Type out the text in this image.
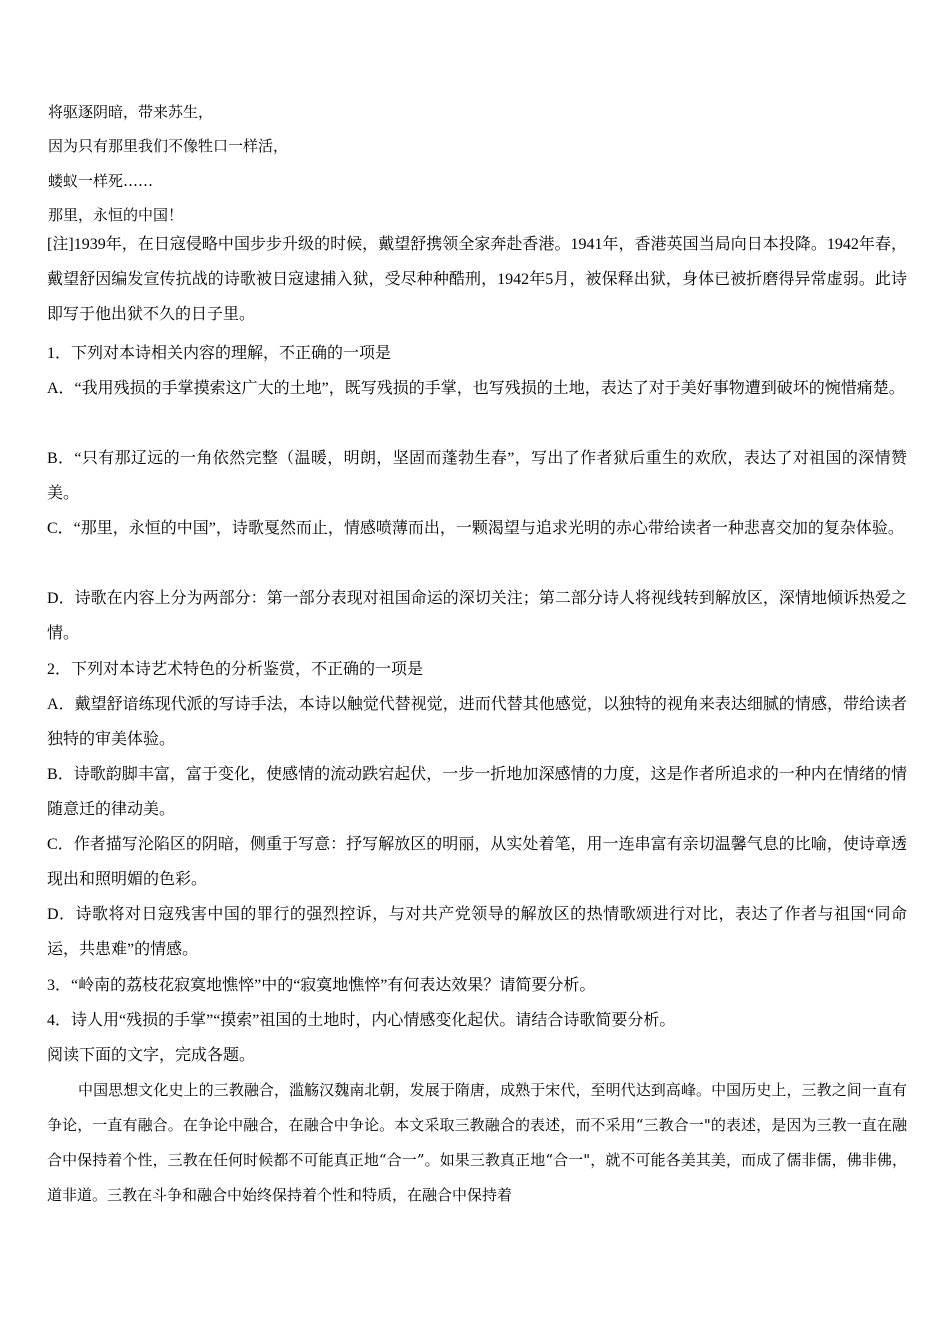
将驱逐阴暗，带来苏生，
因为只有那里我们不像牲口一样活，
蝼蚁一样死……
那里，永恒的中国！
[注]1939年，在日寇侵略中国步步升级的时候，戴望舒携领全家奔赴香港。1941年，香港英国当局向日本投降。1942年春，戴望舒因编发宣传抗战的诗歌被日寇逮捕入狱，受尽种种酷刑，1942年5月，被保释出狱，身体已被折磨得异常虚弱。此诗即写于他出狱不久的日子里。
1．下列对本诗相关内容的理解，不正确的一项是
A．“我用残损的手掌摸索这广大的土地”，既写残损的手掌，也写残损的土地，表达了对于美好事物遭到破坏的惋惜痛楚。
B．“只有那辽远的一角依然完整（温暖，明朗，坚固而蓬勃生春”，写出了作者狱后重生的欢欣，表达了对祖国的深情赞美。
C．“那里，永恒的中国”，诗歌戛然而止，情感喷薄而出，一颗渴望与追求光明的赤心带给读者一种悲喜交加的复杂体验。
D．诗歌在内容上分为两部分：第一部分表现对祖国命运的深切关注；第二部分诗人将视线转到解放区，深情地倾诉热爱之情。
2．下列对本诗艺术特色的分析鉴赏，不正确的一项是
A．戴望舒谙练现代派的写诗手法，本诗以触觉代替视觉，进而代替其他感觉，以独特的视角来表达细腻的情感，带给读者独特的审美体验。
B．诗歌韵脚丰富，富于变化，使感情的流动跌宕起伏，一步一折地加深感情的力度，这是作者所追求的一种内在情绪的情随意迁的律动美。
C．作者描写沦陷区的阴暗，侧重于写意：抒写解放区的明丽，从实处着笔，用一连串富有亲切温馨气息的比喻，使诗章透现出和照明媚的色彩。
D．诗歌将对日寇残害中国的罪行的强烈控诉，与对共产党领导的解放区的热情歌颂进行对比，表达了作者与祖国“同命运，共患难”的情感。
3．“岭南的荔枝花寂寞地憔悴”中的“寂寞地憔悴”有何表达效果？请简要分析。
4．诗人用“残损的手掌”“摸索”祖国的土地时，内心情感变化起伏。请结合诗歌简要分析。
阅读下面的文字，完成各题。
中国思想文化史上的三教融合，滥觞汉魏南北朝，发展于隋唐，成熟于宋代，至明代达到高峰。中国历史上，三教之间一直有争论，一直有融合。在争论中融合，在融合中争论。本文采取三教融合的表述，而不采用“三教合一"的表述，是因为三教一直在融合中保持着个性，三教在任何时候都不可能真正地“合一”。如果三教真正地“合一"，就不可能各美其美，而成了儒非儒，佛非佛，道非道。三教在斗争和融合中始终保持着个性和特质，在融合中保持着
